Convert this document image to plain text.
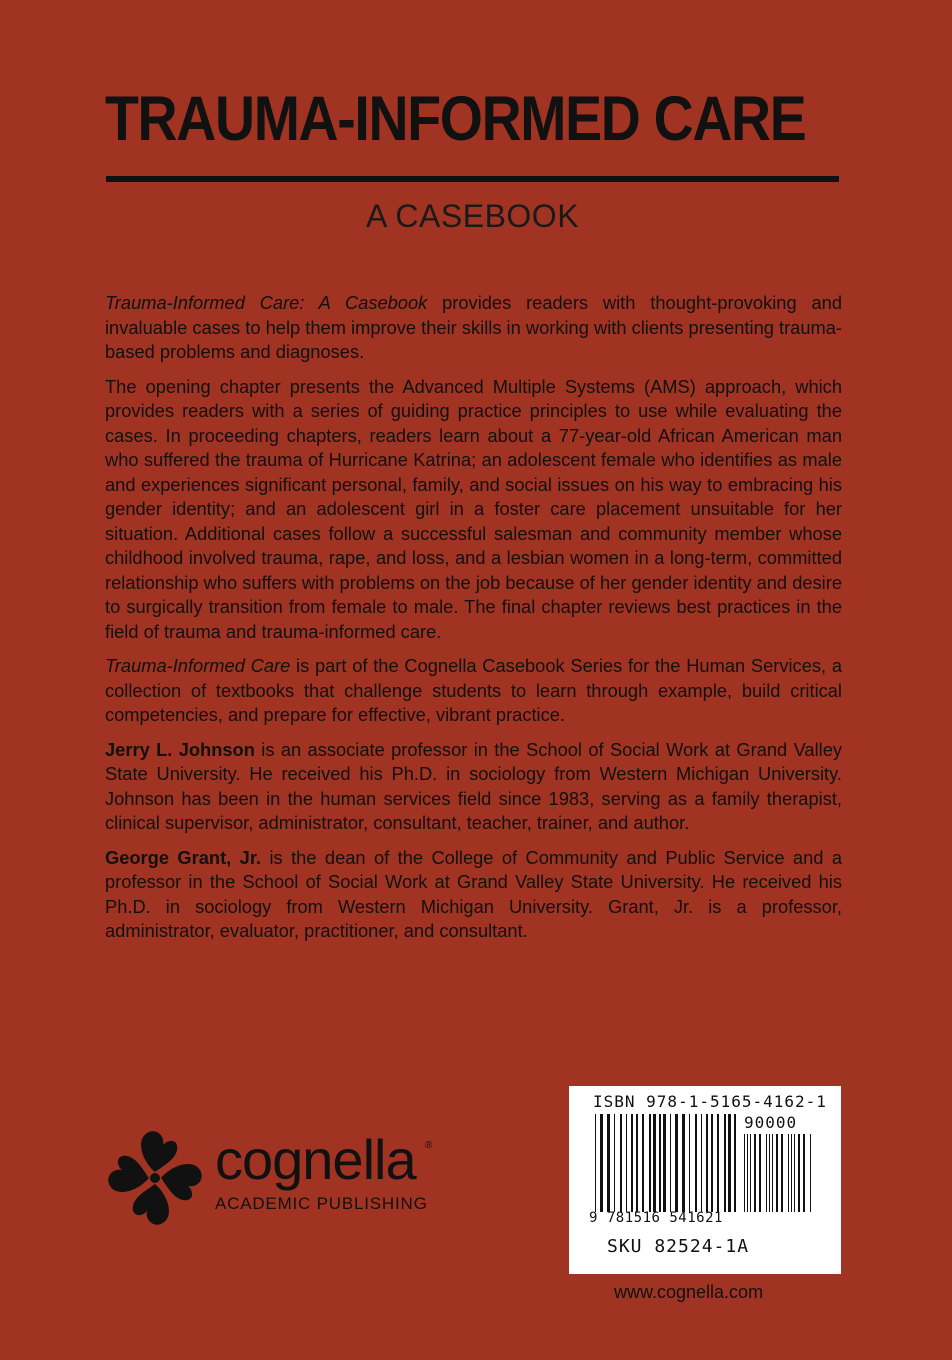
TRAUMA-INFORMED CARE
A CASEBOOK

Trauma-Informed Care: A Casebook provides readers with thought-provoking and invaluable cases to help them improve their skills in working with clients presenting trauma-based problems and diagnoses.

The opening chapter presents the Advanced Multiple Systems (AMS) approach, which provides readers with a series of guiding practice principles to use while evaluating the cases. In proceeding chapters, readers learn about a 77-year-old African American man who suffered the trauma of Hurricane Katrina; an adolescent female who identifies as male and experiences significant personal, family, and social issues on his way to embracing his gender identity; and an adolescent girl in a foster care placement unsuitable for her situation. Additional cases follow a successful salesman and community member whose childhood involved trauma, rape, and loss, and a lesbian women in a long-term, committed relationship who suffers with problems on the job because of her gender identity and desire to surgically transition from female to male. The final chapter reviews best practices in the field of trauma and trauma-informed care.

Trauma-Informed Care is part of the Cognella Casebook Series for the Human Services, a collection of textbooks that challenge students to learn through example, build critical competencies, and prepare for effective, vibrant practice.

Jerry L. Johnson is an associate professor in the School of Social Work at Grand Valley State University. He received his Ph.D. in sociology from Western Michigan University. Johnson has been in the human services field since 1983, serving as a family therapist, clinical supervisor, administrator, consultant, teacher, trainer, and author.

George Grant, Jr. is the dean of the College of Community and Public Service and a professor in the School of Social Work at Grand Valley State University. He received his Ph.D. in sociology from Western Michigan University. Grant, Jr. is a professor, administrator, evaluator, practitioner, and consultant.

cognella ®
ACADEMIC PUBLISHING
ISBN 978-1-5165-4162-1
90000
9 781516 541621
SKU 82524-1A
www.cognella.com
